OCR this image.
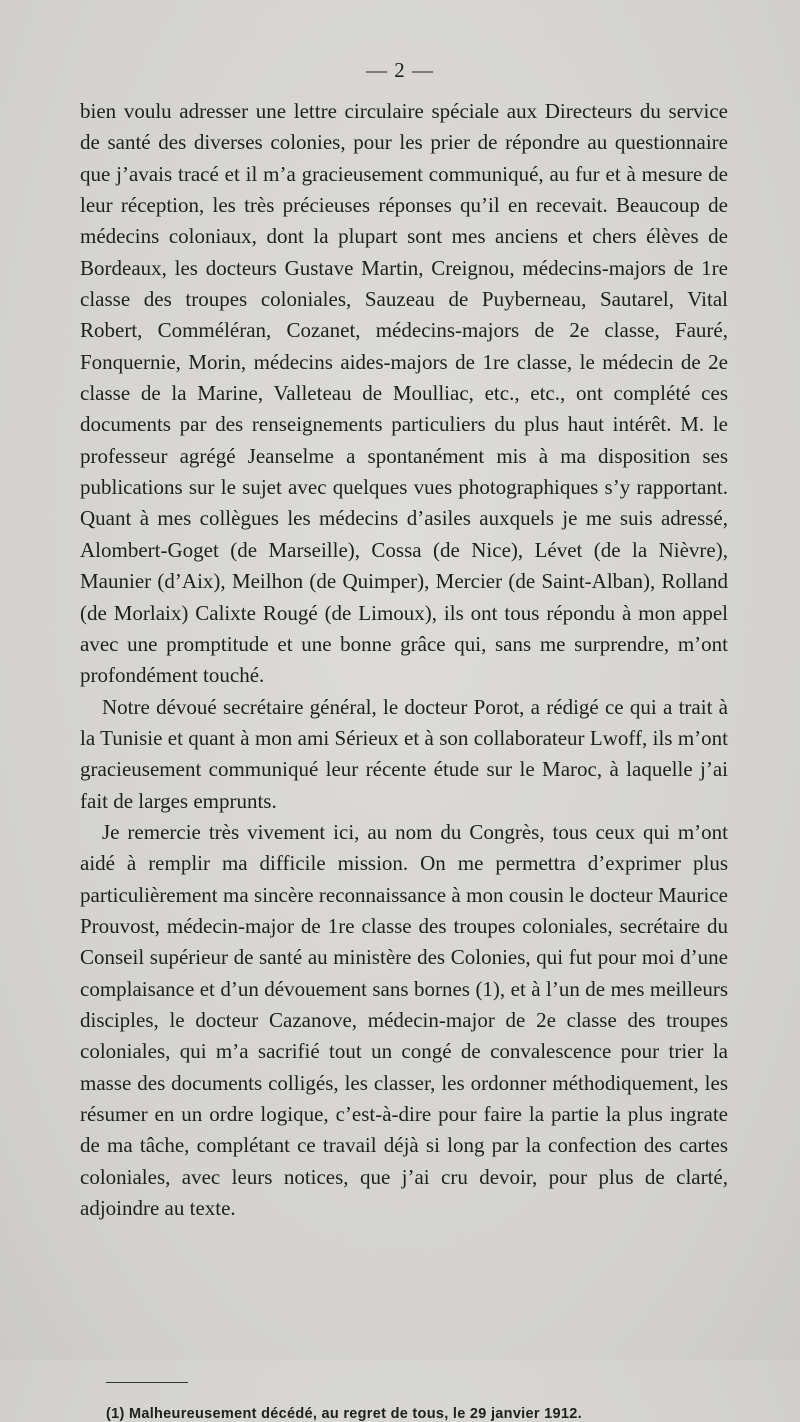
— 2 —

bien voulu adresser une lettre circulaire spéciale aux Directeurs du service de santé des diverses colonies, pour les prier de répondre au questionnaire que j’avais tracé et il m’a gracieusement communiqué, au fur et à mesure de leur réception, les très précieuses réponses qu’il en recevait. Beaucoup de médecins coloniaux, dont la plupart sont mes anciens et chers élèves de Bordeaux, les docteurs Gustave Martin, Creignou, médecins-majors de 1re classe des troupes coloniales, Sauzeau de Puyberneau, Sautarel, Vital Robert, Comméléran, Cozanet, médecins-majors de 2e classe, Fauré, Fonquernie, Morin, médecins aides-majors de 1re classe, le médecin de 2e classe de la Marine, Valleteau de Moulliac, etc., etc., ont complété ces documents par des renseignements particuliers du plus haut intérêt. M. le professeur agrégé Jeanselme a spontanément mis à ma disposition ses publications sur le sujet avec quelques vues photographiques s’y rapportant. Quant à mes collègues les médecins d’asiles auxquels je me suis adressé, Alombert-Goget (de Marseille), Cossa (de Nice), Lévet (de la Nièvre), Maunier (d’Aix), Meilhon (de Quimper), Mercier (de Saint-Alban), Rolland (de Morlaix) Calixte Rougé (de Limoux), ils ont tous répondu à mon appel avec une promptitude et une bonne grâce qui, sans me surprendre, m’ont profondément touché.

Notre dévoué secrétaire général, le docteur Porot, a rédigé ce qui a trait à la Tunisie et quant à mon ami Sérieux et à son collaborateur Lwoff, ils m’ont gracieusement communiqué leur récente étude sur le Maroc, à laquelle j’ai fait de larges emprunts.

Je remercie très vivement ici, au nom du Congrès, tous ceux qui m’ont aidé à remplir ma difficile mission. On me permettra d’exprimer plus particulièrement ma sincère reconnaissance à mon cousin le docteur Maurice Prouvost, médecin-major de 1re classe des troupes coloniales, secrétaire du Conseil supérieur de santé au ministère des Colonies, qui fut pour moi d’une complaisance et d’un dévouement sans bornes (1), et à l’un de mes meilleurs disciples, le docteur Cazanove, médecin-major de 2e classe des troupes coloniales, qui m’a sacrifié tout un congé de convalescence pour trier la masse des documents colligés, les classer, les ordonner méthodiquement, les résumer en un ordre logique, c’est-à-dire pour faire la partie la plus ingrate de ma tâche, complétant ce travail déjà si long par la confection des cartes coloniales, avec leurs notices, que j’ai cru devoir, pour plus de clarté, adjoindre au texte.

(1) Malheureusement décédé, au regret de tous, le 29 janvier 1912.
